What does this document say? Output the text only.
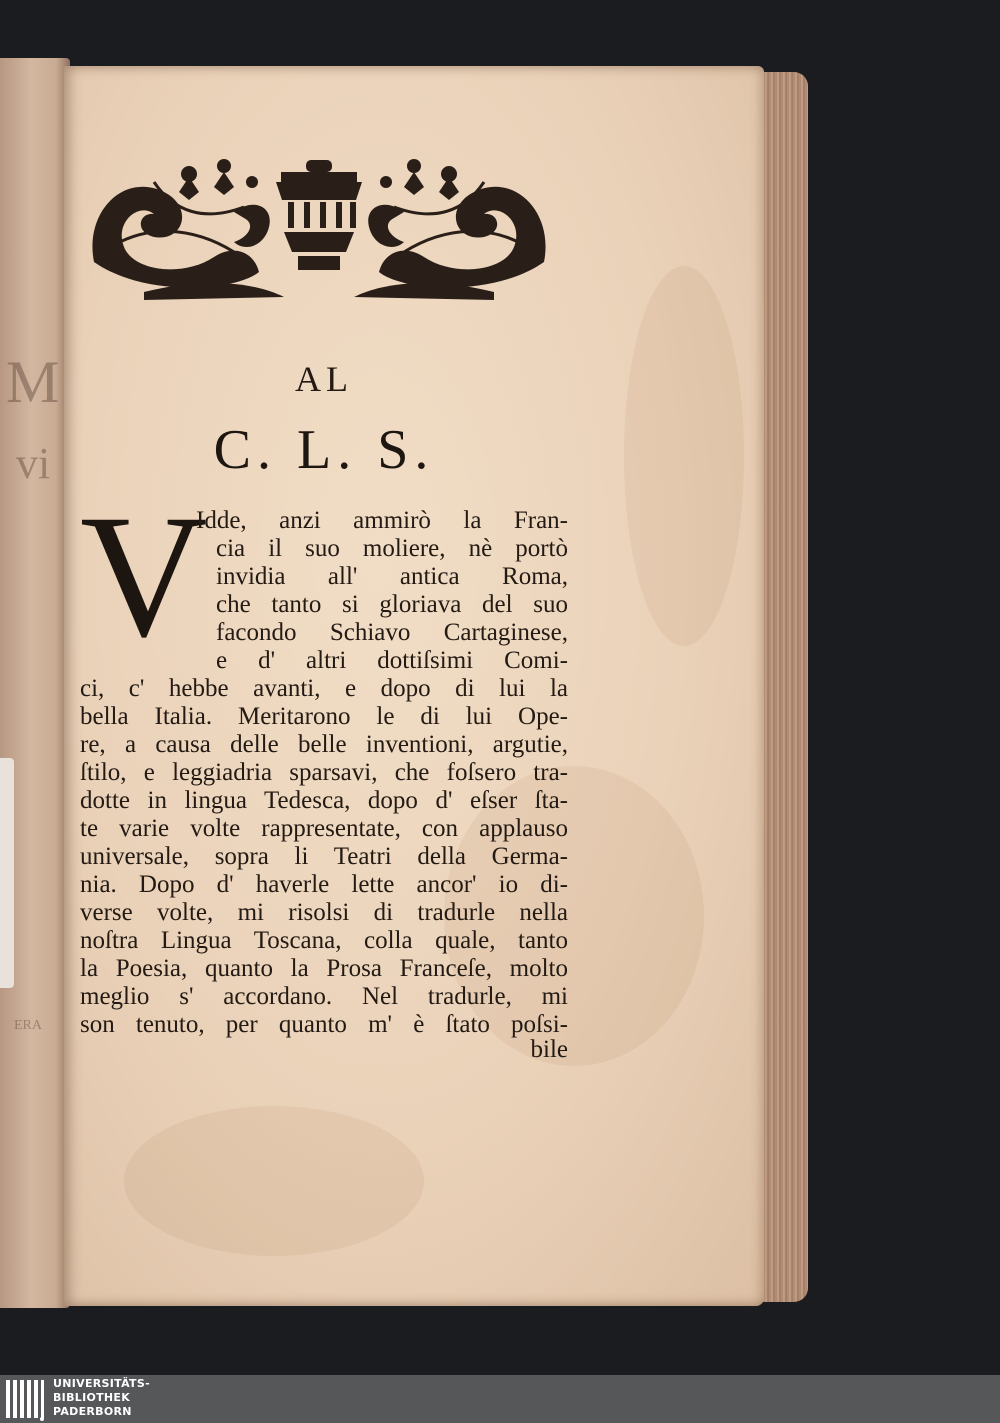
M
vi
ERA
AL
C. L. S.
V
Idde, anzi ammirò la Fran-
cia il suo moliere, nè portò
invidia all' antica Roma,
che tanto si gloriava del suo
facondo Schiavo Cartaginese,
e d' altri dottiſsimi Comi-
ci, c' hebbe avanti, e dopo di lui la
bella Italia. Meritarono le di lui Ope-
re, a causa delle belle inventioni, argutie,
ſtilo, e leggiadria sparsavi, che foſsero tra-
dotte in lingua Tedesca, dopo d' eſser ſta-
te varie volte rappresentate, con applauso
universale, sopra li Teatri della Germa-
nia. Dopo d' haverle lette ancor' io di-
verse volte, mi risolsi di tradurle nella
noſtra Lingua Toscana, colla quale, tanto
la Poesia, quanto la Prosa Franceſe, molto
meglio s' accordano. Nel tradurle, mi
son tenuto, per quanto m' è ſtato poſsi-
bile
UNIVERSITÄTS-
BIBLIOTHEK
PADERBORN
